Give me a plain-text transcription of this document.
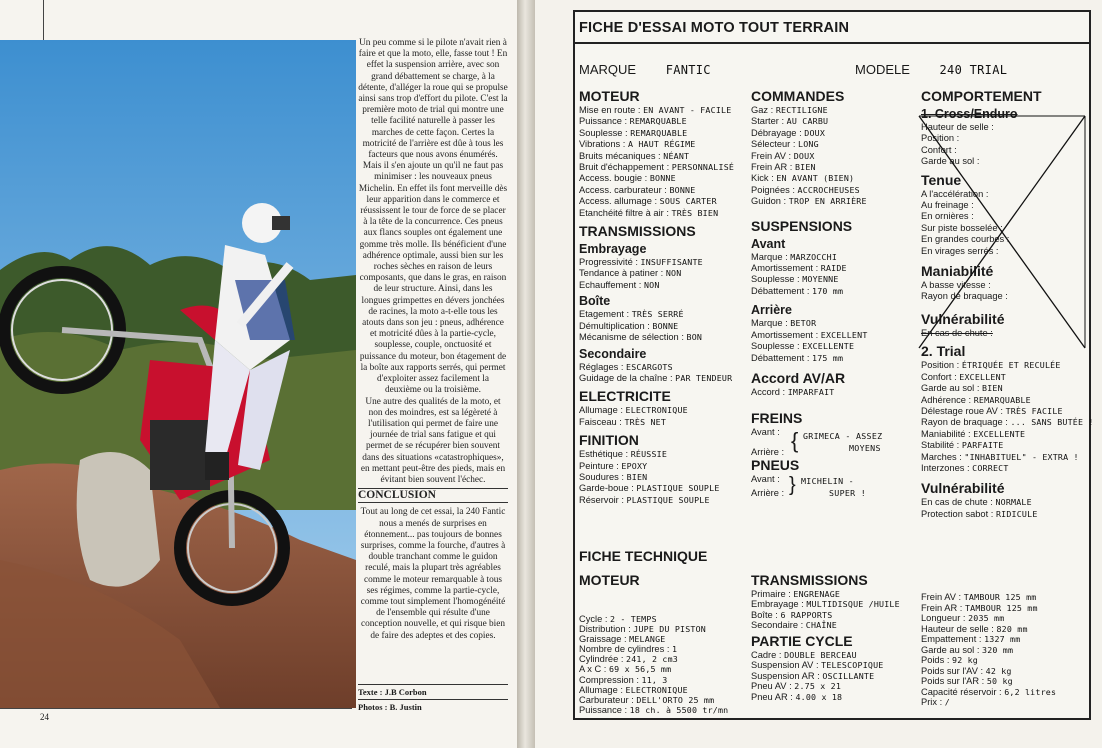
Un peu comme si le pilote n'avait rien à faire et que la moto, elle, fasse tout ! En effet la suspension arrière, avec son grand débattement se charge, à la détente, d'alléger la roue qui se propulse ainsi sans trop d'effort du pilote. C'est la première moto de trial qui montre une telle facilité naturelle à passer les marches de cette façon. Certes la motricité de l'arrière est dûe à tous les facteurs que nous avons énumérés. Mais il s'en ajoute un qu'il ne faut pas minimiser : les nouveaux pneus Michelin. En effet ils font merveille dès leur apparition dans le commerce et réussissent le tour de force de se placer à la tête de la concurrence. Ces pneus aux flancs souples ont également une gomme très molle. Ils bénéficient d'une adhérence optimale, aussi bien sur les roches sèches en raison de leurs composants, que dans le gras, en raison de leur structure. Ainsi, dans les longues grimpettes en dévers jonchées de racines, la moto a-t-elle tous les atouts dans son jeu : pneus, adhérence et motricité dûes à la partie-cycle, souplesse, couple, onctuosité et puissance du moteur, bon étagement de la boîte aux rapports serrés, qui permet d'exploiter assez facilement la deuxième ou la troisième.

Une autre des qualités de la moto, et non des moindres, est sa légèreté à l'utilisation qui permet de faire une journée de trial sans fatigue et qui permet de se récupérer bien souvent dans des situations «catastrophiques», en mettant peut-être des pieds, mais en évitant bien souvent l'échec.

CONCLUSION

Tout au long de cet essai, la 240 Fantic nous a menés de surprises en étonnement... pas toujours de bonnes surprises, comme la fourche, d'autres à double tranchant comme le guidon reculé, mais la plupart très agréables comme le moteur remarquable à tous ses régimes, comme la partie-cycle, comme tout simplement l'homogénéité de l'ensemble qui résulte d'une conception nouvelle, et qui risque bien de faire des adeptes et des copies.

Texte : J.B Corbon
Photos : B. Justin
24
FICHE D'ESSAI MOTO TOUT TERRAIN
MARQUE FANTIC	MODELE 240 TRIAL
MOTEUR
Mise en route : EN AVANT - FACILE
Puissance : REMARQUABLE
Souplesse : REMARQUABLE
Vibrations : A HAUT RÉGIME
Bruits mécaniques : NÉANT
Bruit d'échappement : PERSONNALISÉ
Access. bougie : BONNE
Access. carburateur : BONNE
Access. allumage : SOUS CARTER
Etanchéité filtre à air : TRÈS BIEN
TRANSMISSIONS
Embrayage
Progressivité : INSUFFISANTE
Tendance à patiner : NON
Echauffement : NON
Boîte
Etagement : TRÈS SERRÉ
Démultiplication : BONNE
Mécanisme de sélection : BON
Secondaire
Réglages : ESCARGOTS
Guidage de la chaîne : PAR TENDEUR
ELECTRICITE
Allumage : ELECTRONIQUE
Faisceau : TRÈS NET
FINITION
Esthétique : RÉUSSIE
Peinture : EPOXY
Soudures : BIEN
Garde-boue : PLASTIQUE SOUPLE
Réservoir : PLASTIQUE SOUPLE
COMMANDES
Gaz : RECTILIGNE
Starter : AU CARBU
Débrayage : DOUX
Sélecteur : LONG
Frein AV : DOUX
Frein AR : BIEN
Kick : EN AVANT (BIEN)
Poignées : ACCROCHEUSES
Guidon : TROP EN ARRIÈRE
SUSPENSIONS
Avant
Marque : MARZOCCHI
Amortissement : RAIDE
Souplesse : MOYENNE
Débattement : 170 mm
Arrière
Marque : BETOR
Amortissement : EXCELLENT
Souplesse : EXCELLENTE
Débattement : 175 mm
Accord AV/AR
Accord : IMPARFAIT
FREINS
Avant :
Arrière : { GRIMECA - ASSEZ
MOYENS
PNEUS
Avant :
Arrière : } MICHELIN -
SUPER !
COMPORTEMENT
1. Cross/Enduro
Hauteur de selle :
Position :
Confort :
Garde au sol :
Tenue
A l'accélération :
Au freinage :
En ornières :
Sur piste bosselée :
En grandes courbes :
En virages serrés :
Maniabilité
A basse vitesse :
Rayon de braquage :
Vulnérabilité
En cas de chute :
2. Trial
Position : ÉTRIQUÉE ET RECULÉE
Confort : EXCELLENT
Garde au sol : BIEN
Adhérence : REMARQUABLE
Délestage roue AV : TRÈS FACILE
Rayon de braquage : ... SANS BUTÉE !
Maniabilité : EXCELLENTE
Stabilité : PARFAITE
Marches : "INHABITUEL" - EXTRA !
Interzones : CORRECT
Vulnérabilité
En cas de chute : NORMALE
Protection sabot : RIDICULE
FICHE TECHNIQUE
MOTEUR
Cycle : 2 - TEMPS
Distribution : JUPE DU PISTON
Graissage : MELANGE
Nombre de cylindres : 1
Cylindrée : 241, 2 cm3
A x C : 69 x 56,5 mm
Compression : 11, 3
Allumage : ELECTRONIQUE
Carburateur : DELL'ORTO 25 mm
Puissance : 18 ch. à 5500 tr/mn
TRANSMISSIONS
Primaire : ENGRENAGE
Embrayage : MULTIDISQUE /HUILE
Boîte : 6 RAPPORTS
Secondaire : CHAÎNE
PARTIE CYCLE
Cadre : DOUBLE BERCEAU
Suspension AV : TELESCOPIQUE
Suspension AR : OSCILLANTE
Pneu AV : 2.75 x 21
Pneu AR : 4.00 x 18
Frein AV : TAMBOUR 125 mm
Frein AR : TAMBOUR 125 mm
Longueur : 2035 mm
Hauteur de selle : 820 mm
Empattement : 1327 mm
Garde au sol : 320 mm
Poids : 92 kg
Poids sur l'AV : 42 kg
Poids sur l'AR : 50 kg
Capacité réservoir : 6,2 litres
Prix : /
